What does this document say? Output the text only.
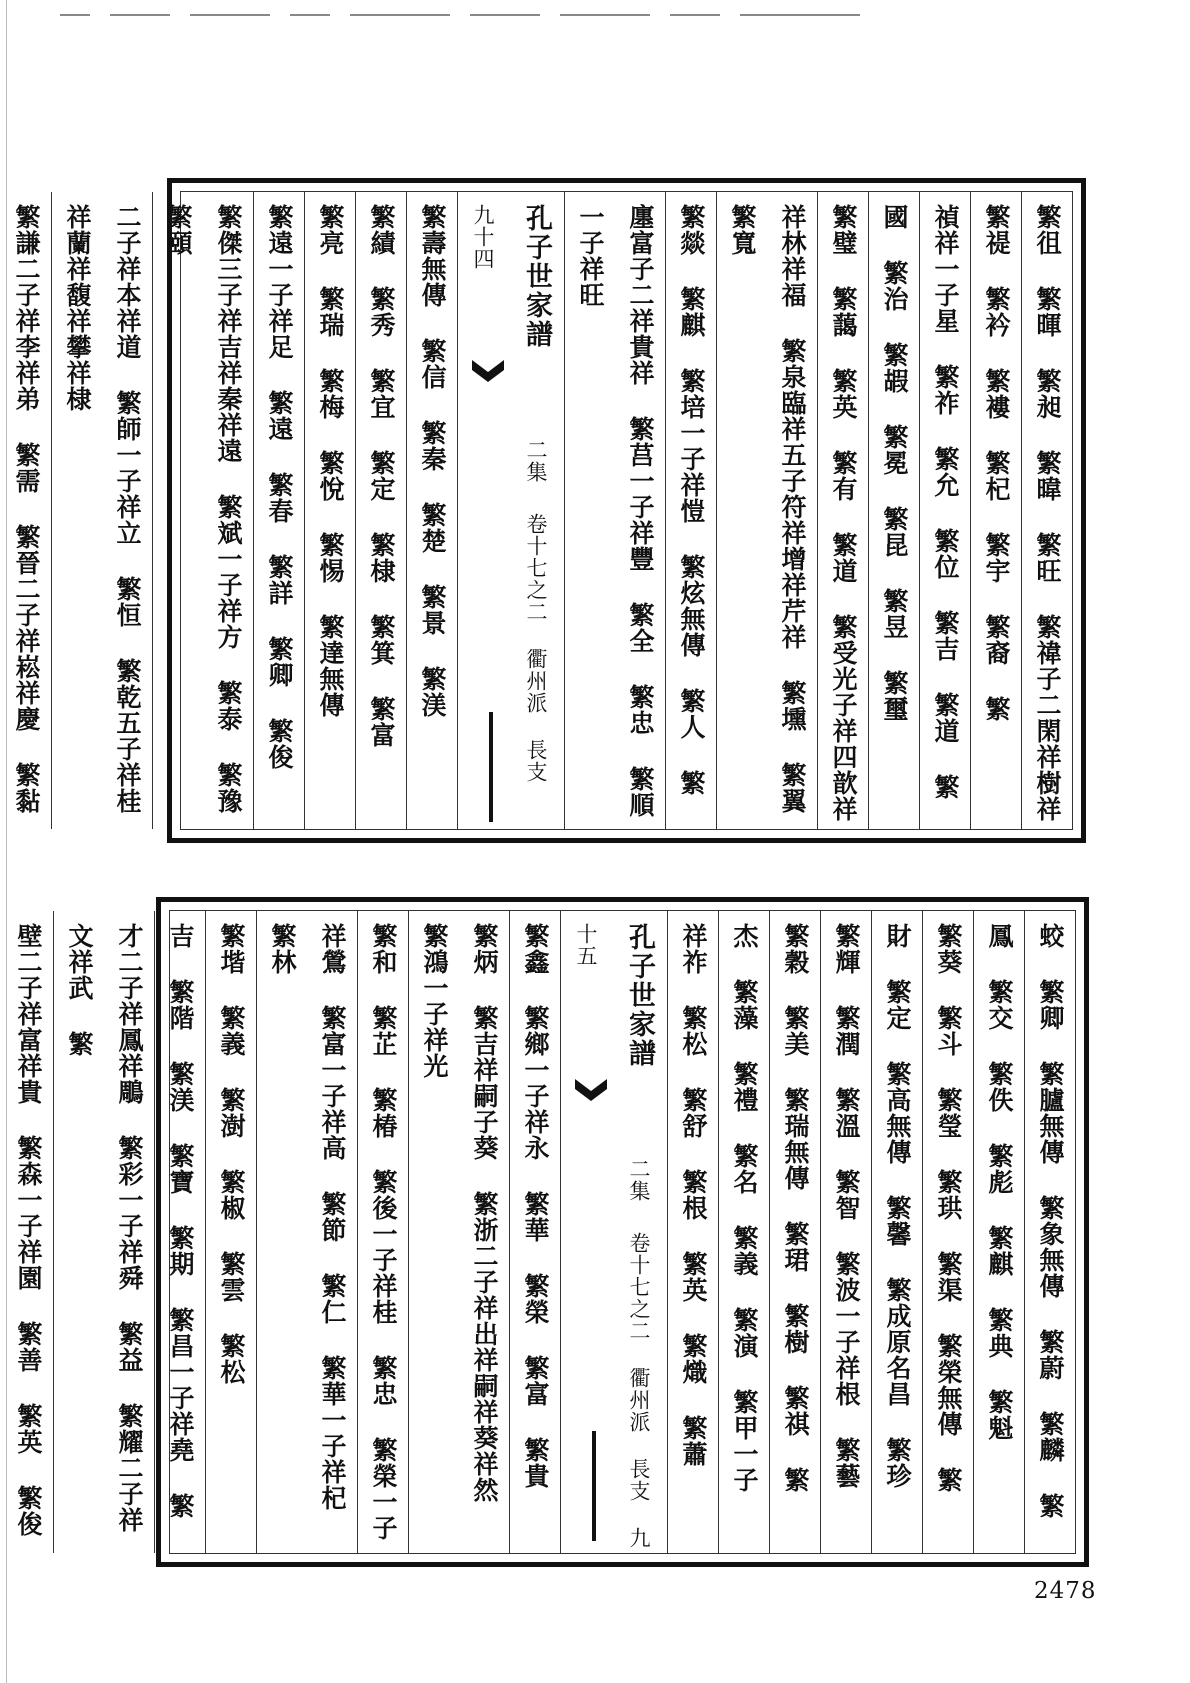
繁徂 繁暉 繁昶 繁暐 繁旺 繁禕子二閑祥樹祥
繁禔 繁衿 繁褸 繁杞 繁宇 繁裔 繁
禎祥一子星 繁祚 繁允 繁位 繁吉 繁道 繁
國 繁治 繁嘏 繁冕 繁昆 繁昱 繁璽
繁璧 繁藹 繁英 繁有 繁道 繁受光子祥四歆祥
祥林祥福 繁泉臨祥五子符祥增祥芹祥 繁壎 繁翼 繁寬
繁燚 繁麒 繁培一子祥愷 繁炫無傳 繁人 繁
廛富子二祥貴祥 繁莒一子祥豐 繁全 繁忠 繁順一子祥旺
孔子世家譜 二集 卷十七之二 衢州派 長支 九十四
繁壽無傳 繁信 繁秦 繁楚 繁景 繁渼
繁績 繁秀 繁宜 繁定 繁棣 繁箕 繁富
繁亮 繁瑞 繁梅 繁悅 繁惕 繁達無傳
繁遠一子祥足 繁遠 繁春 繁詳 繁卿 繁俊
繁傑三子祥吉祥秦祥遠 繁斌一子祥方 繁泰 繁豫 繁頤
二子祥本祥道 繁師一子祥立 繁恒 繁乾五子祥桂祥蘭祥馥祥攀祥棣
繁謙二子祥李祥弟 繁需 繁晉二子祥崧祥慶 繁黏
蛟 繁卿 繁臚無傳 繁象無傳 繁蔚 繁麟 繁
鳳 繁交 繁佚 繁彪 繁麒 繁典 繁魁
繁葵 繁斗 繁瑩 繁珙 繁渠 繁榮無傳 繁
財 繁定 繁高無傳 繁馨 繁成原名昌 繁珍
繁輝 繁潤 繁溫 繁智 繁波一子祥根 繁藝
繁穀 繁美 繁瑞無傳 繁珺 繁樹 繁祺 繁
杰 繁藻 繁禮 繁名 繁義 繁演 繁甲一子
祥祚 繁松 繁舒 繁根 繁英 繁熾 繁蕭
孔子世家譜 二集 卷十七之二 衢州派 長支 九十五
繁鑫 繁鄉一子祥永 繁華 繁榮 繁富 繁貴
繁炳 繁吉祥嗣子葵 繁浙二子祥出祥嗣祥葵祥然 繁鴻一子祥光
繁和 繁芷 繁椿 繁後一子祥桂 繁忠 繁榮一子
祥鶯 繁富一子祥高 繁節 繁仁 繁華一子祥杞 繁林
繁堦 繁義 繁澍 繁椒 繁雲 繁松
吉 繁階 繁渼 繁寶 繁期 繁昌一子祥堯 繁
才二子祥鳳祥鵰 繁彩一子祥舜 繁益 繁耀二子祥文祥武 繁
壁二子祥富祥貴 繁森一子祥園 繁善 繁英 繁俊
2478
